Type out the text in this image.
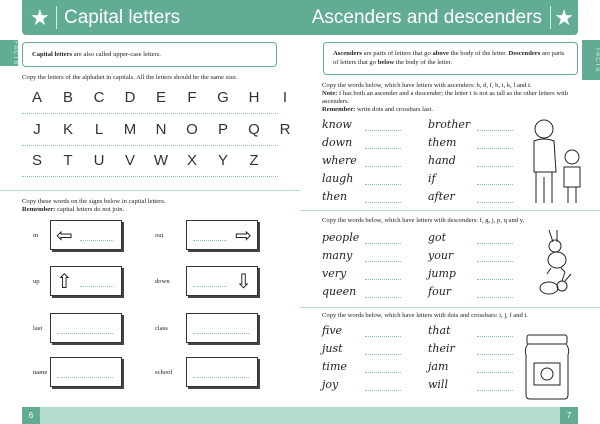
★ Capital letters
FACTS	Capital letters are also called upper-case letters.
Copy the letters of the alphabet in capitals. All the letters should be the same size.
A	B	C	D	E	F	G	H	I
J	K	L	M	N	O	P	Q	R
S	T	U	V	W	X	Y	Z
Copy these words on the signs below in capital letters.
Remember: capital letters do not join.
in ⇦	out	⇨
up ⇧	down	⇩
last	class
name	school
6
Ascenders and descenders ★
FACTS
Ascenders are parts of letters that go above the body of the letter. Descenders are parts of letters that go below the body of the letter.
Copy the words below, which have letters with ascenders: b, d, f, h, i, k, l and t.
Note: f has both an ascender and a descender; the letter t is not as tall as the other letters with ascenders.
Remember: write dots and crossbars last.
know	brother
down	them
where	hand
laugh	if
then	after
Copy the words below, which have letters with descenders: f, g, j, p, q and y.
people	got
many	your
very	jump
queen	four
Copy the words below, which have letters with dots and crossbars: i, j, f and t.
five	that
just	their
time	jam
joy	will
7
